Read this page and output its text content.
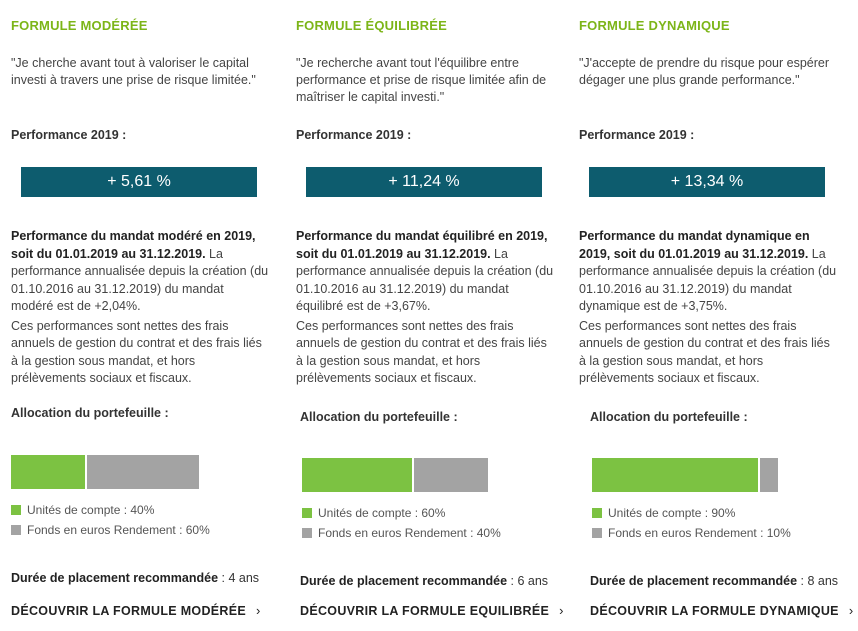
FORMULE MODÉRÉE
"Je cherche avant tout à valoriser le capital investi à travers une prise de risque limitée."
Performance 2019 :
+ 5,61 %

Performance du mandat modéré en 2019, soit du 01.01.2019 au 31.12.2019. La performance annualisée depuis la création (du 01.10.2016 au 31.12.2019) du mandat modéré est de +2,04%.

Ces performances sont nettes des frais annuels de gestion du contrat et des frais liés à la gestion sous mandat, et hors prélèvements sociaux et fiscaux.

Allocation du portefeuille :
Unités de compte : 40%
Fonds en euros Rendement : 60%
Durée de placement recommandée : 4 ans
DÉCOUVRIR LA FORMULE MODÉRÉE ›
FORMULE ÉQUILIBRÉE
"Je recherche avant tout l'équilibre entre performance et prise de risque limitée afin de maîtriser le capital investi."
Performance 2019 :
+ 11,24 %

Performance du mandat équilibré en 2019, soit du 01.01.2019 au 31.12.2019. La performance annualisée depuis la création (du 01.10.2016 au 31.12.2019) du mandat équilibré est de +3,67%.

Ces performances sont nettes des frais annuels de gestion du contrat et des frais liés à la gestion sous mandat, et hors prélèvements sociaux et fiscaux.

Allocation du portefeuille :
Unités de compte : 60%
Fonds en euros Rendement : 40%
Durée de placement recommandée : 6 ans
DÉCOUVRIR LA FORMULE EQUILIBRÉE ›
FORMULE DYNAMIQUE
"J'accepte de prendre du risque pour espérer dégager une plus grande performance."
Performance 2019 :
+ 13,34 %

Performance du mandat dynamique en 2019, soit du 01.01.2019 au 31.12.2019. La performance annualisée depuis la création (du 01.10.2016 au 31.12.2019) du mandat dynamique est de +3,75%.

Ces performances sont nettes des frais annuels de gestion du contrat et des frais liés à la gestion sous mandat, et hors prélèvements sociaux et fiscaux.

Allocation du portefeuille :
Unités de compte : 90%
Fonds en euros Rendement : 10%
Durée de placement recommandée : 8 ans
DÉCOUVRIR LA FORMULE DYNAMIQUE ›
